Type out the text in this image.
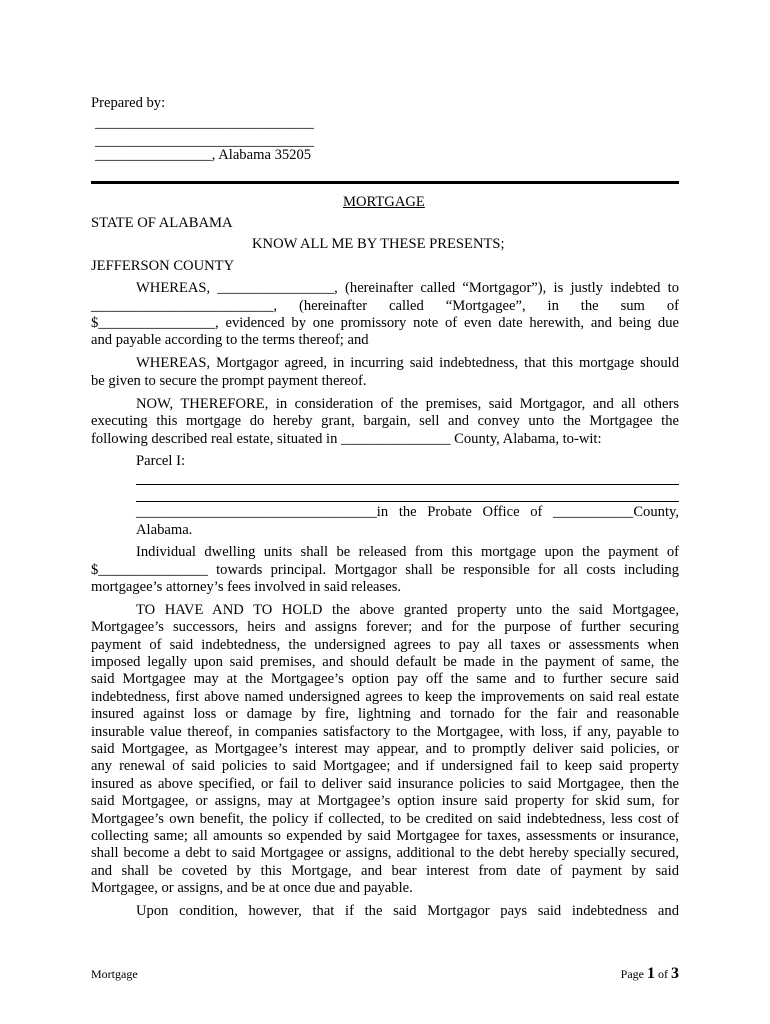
Prepared by:
______________________________
______________________________
________________, Alabama 35205
MORTGAGE
STATE OF ALABAMA
KNOW ALL ME BY THESE PRESENTS;
JEFFERSON COUNTY
WHEREAS, ________________, (hereinafter called “Mortgagor”), is justly indebted to
_________________________, (hereinafter called “Mortgagee”, in the sum of
$________________, evidenced by one promissory note of even date herewith, and being due
and payable according to the terms thereof; and
WHEREAS, Mortgagor agreed, in incurring said indebtedness, that this mortgage should
be given to secure the prompt payment thereof.
NOW, THEREFORE, in consideration of the premises, said Mortgagor, and all others
executing this mortgage do hereby grant, bargain, sell and convey unto the Mortgagee the
following described real estate, situated in _______________ County, Alabama, to-wit:
Parcel I:
_________________________________in the Probate Office of ___________County,
Alabama.
Individual dwelling units shall be released from this mortgage upon the payment of
$_______________ towards principal. Mortgagor shall be responsible for all costs including
mortgagee’s attorney’s fees involved in said releases.
TO HAVE AND TO HOLD the above granted property unto the said Mortgagee,
Mortgagee’s successors, heirs and assigns forever; and for the purpose of further securing
payment of said indebtedness, the undersigned agrees to pay all taxes or assessments when
imposed legally upon said premises, and should default be made in the payment of same, the
said Mortgagee may at the Mortgagee’s option pay off the same and to further secure said
indebtedness, first above named undersigned agrees to keep the improvements on said real estate
insured against loss or damage by fire, lightning and tornado for the fair and reasonable
insurable value thereof, in companies satisfactory to the Mortgagee, with loss, if any, payable to
said Mortgagee, as Mortgagee’s interest may appear, and to promptly deliver said policies, or
any renewal of said policies to said Mortgagee; and if undersigned fail to keep said property
insured as above specified, or fail to deliver said insurance policies to said Mortgagee, then the
said Mortgagee, or assigns, may at Mortgagee’s option insure said property for skid sum, for
Mortgagee’s own benefit, the policy if collected, to be credited on said indebtedness, less cost of
collecting same; all amounts so expended by said Mortgagee for taxes, assessments or insurance,
shall become a debt to said Mortgagee or assigns, additional to the debt hereby specially secured,
and shall be coveted by this Mortgage, and bear interest from date of payment by said
Mortgagee, or assigns, and be at once due and payable.
Upon condition, however, that if the said Mortgagor pays said indebtedness and
Mortgage	Page 1 of 3
